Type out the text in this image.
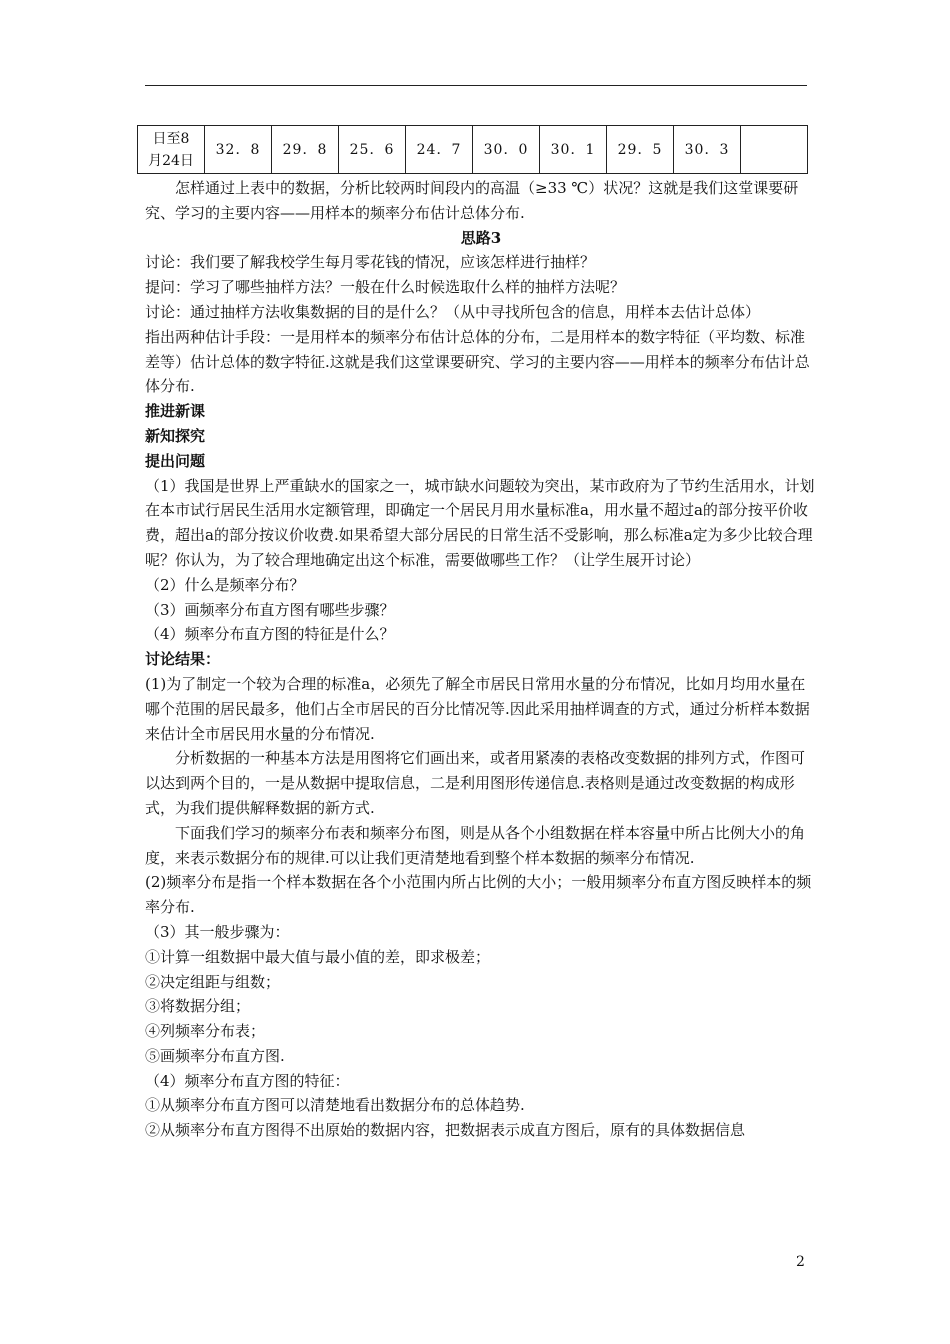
日至8
月24日
	32．8	29．8	25．6	24．7	30．0	30．1	29．5	30．3	

怎样通过上表中的数据，分析比较两时间段内的高温（≥33 ℃）状况？这就是我们这堂课要研究、学习的主要内容——用样本的频率分布估计总体分布.

思路3

讨论：我们要了解我校学生每月零花钱的情况，应该怎样进行抽样？

提问：学习了哪些抽样方法？一般在什么时候选取什么样的抽样方法呢？

讨论：通过抽样方法收集数据的目的是什么？（从中寻找所包含的信息，用样本去估计总体）

指出两种估计手段：一是用样本的频率分布估计总体的分布，二是用样本的数字特征（平均数、标准差等）估计总体的数字特征.这就是我们这堂课要研究、学习的主要内容——用样本的频率分布估计总体分布.

推进新课

新知探究

提出问题

（1）我国是世界上严重缺水的国家之一，城市缺水问题较为突出，某市政府为了节约生活用水，计划在本市试行居民生活用水定额管理，即确定一个居民月用水量标准a，用水量不超过a的部分按平价收费，超出a的部分按议价收费.如果希望大部分居民的日常生活不受影响，那么标准a定为多少比较合理呢？你认为，为了较合理地确定出这个标准，需要做哪些工作？（让学生展开讨论）

（2）什么是频率分布？

（3）画频率分布直方图有哪些步骤？

（4）频率分布直方图的特征是什么？

讨论结果：

(1)为了制定一个较为合理的标准a，必须先了解全市居民日常用水量的分布情况，比如月均用水量在哪个范围的居民最多，他们占全市居民的百分比情况等.因此采用抽样调查的方式，通过分析样本数据来估计全市居民用水量的分布情况.

分析数据的一种基本方法是用图将它们画出来，或者用紧凑的表格改变数据的排列方式，作图可以达到两个目的，一是从数据中提取信息，二是利用图形传递信息.表格则是通过改变数据的构成形式，为我们提供解释数据的新方式.

下面我们学习的频率分布表和频率分布图，则是从各个小组数据在样本容量中所占比例大小的角度，来表示数据分布的规律.可以让我们更清楚地看到整个样本数据的频率分布情况.

(2)频率分布是指一个样本数据在各个小范围内所占比例的大小；一般用频率分布直方图反映样本的频率分布.

（3）其一般步骤为：

①计算一组数据中最大值与最小值的差，即求极差；

②决定组距与组数；

③将数据分组；

④列频率分布表；

⑤画频率分布直方图.

（4）频率分布直方图的特征：

①从频率分布直方图可以清楚地看出数据分布的总体趋势.

②从频率分布直方图得不出原始的数据内容，把数据表示成直方图后，原有的具体数据信息

2
